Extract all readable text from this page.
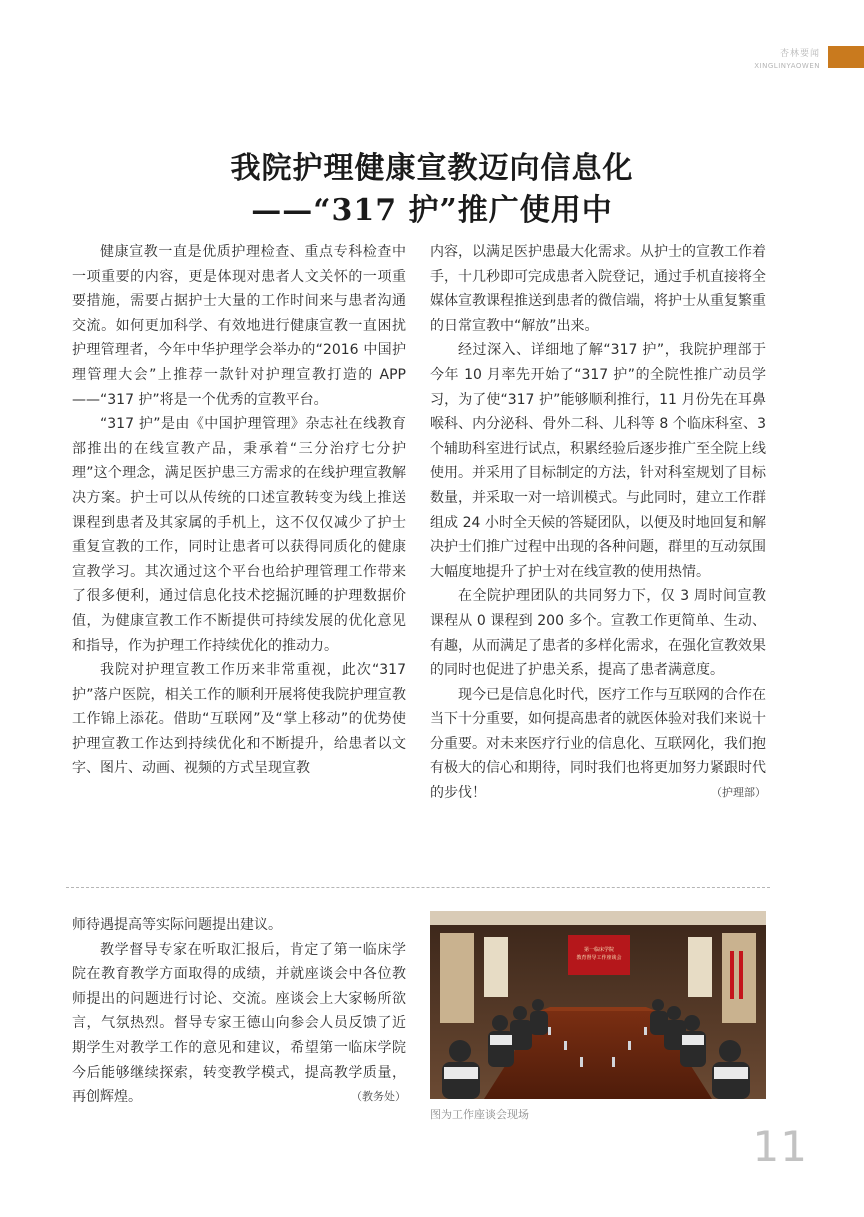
杏林要闻
XINGLINYAOWEN
我院护理健康宣教迈向信息化
——“317 护”推广使用中

健康宣教一直是优质护理检查、重点专科检查中一项重要的内容，更是体现对患者人文关怀的一项重要措施，需要占据护士大量的工作时间来与患者沟通交流。如何更加科学、有效地进行健康宣教一直困扰护理管理者，今年中华护理学会举办的“2016 中国护理管理大会”上推荐一款针对护理宣教打造的 APP——“317 护”将是一个优秀的宣教平台。

“317 护”是由《中国护理管理》杂志社在线教育部推出的在线宣教产品，秉承着“三分治疗七分护理”这个理念，满足医护患三方需求的在线护理宣教解决方案。护士可以从传统的口述宣教转变为线上推送课程到患者及其家属的手机上，这不仅仅减少了护士重复宣教的工作，同时让患者可以获得同质化的健康宣教学习。其次通过这个平台也给护理管理工作带来了很多便利，通过信息化技术挖掘沉睡的护理数据价值，为健康宣教工作不断提供可持续发展的优化意见和指导，作为护理工作持续优化的推动力。

我院对护理宣教工作历来非常重视，此次“317 护”落户医院，相关工作的顺利开展将使我院护理宣教工作锦上添花。借助“互联网”及“掌上移动”的优势使护理宣教工作达到持续优化和不断提升，给患者以文字、图片、动画、视频的方式呈现宣教

内容，以满足医护患最大化需求。从护士的宣教工作着手，十几秒即可完成患者入院登记，通过手机直接将全媒体宣教课程推送到患者的微信端，将护士从重复繁重的日常宣教中“解放”出来。

经过深入、详细地了解“317 护”，我院护理部于今年 10 月率先开始了“317 护”的全院性推广动员学习，为了使“317 护”能够顺利推行，11 月份先在耳鼻喉科、内分泌科、骨外二科、儿科等 8 个临床科室、3 个辅助科室进行试点，积累经验后逐步推广至全院上线使用。并采用了目标制定的方法，针对科室规划了目标数量，并采取一对一培训模式。与此同时，建立工作群组成 24 小时全天候的答疑团队，以便及时地回复和解决护士们推广过程中出现的各种问题，群里的互动氛围大幅度地提升了护士对在线宣教的使用热情。

在全院护理团队的共同努力下，仅 3 周时间宣教课程从 0 课程到 200 多个。宣教工作更简单、生动、有趣，从而满足了患者的多样化需求，在强化宣教效果的同时也促进了护患关系，提高了患者满意度。

现今已是信息化时代，医疗工作与互联网的合作在当下十分重要，如何提高患者的就医体验对我们来说十分重要。对未来医疗行业的信息化、互联网化，我们抱有极大的信心和期待，同时我们也将更加努力紧跟时代的步伐！	（护理部）

师待遇提高等实际问题提出建议。

教学督导专家在听取汇报后，肯定了第一临床学院在教育教学方面取得的成绩，并就座谈会中各位教师提出的问题进行讨论、交流。座谈会上大家畅所欲言，气氛热烈。督导专家王德山向参会人员反馈了近期学生对教学工作的意见和建议，希望第一临床学院今后能够继续探索，转变教学模式，提高教学质量，再创辉煌。	（教务处）

第一临床学院
教育督导工作座谈会
图为工作座谈会现场
11
